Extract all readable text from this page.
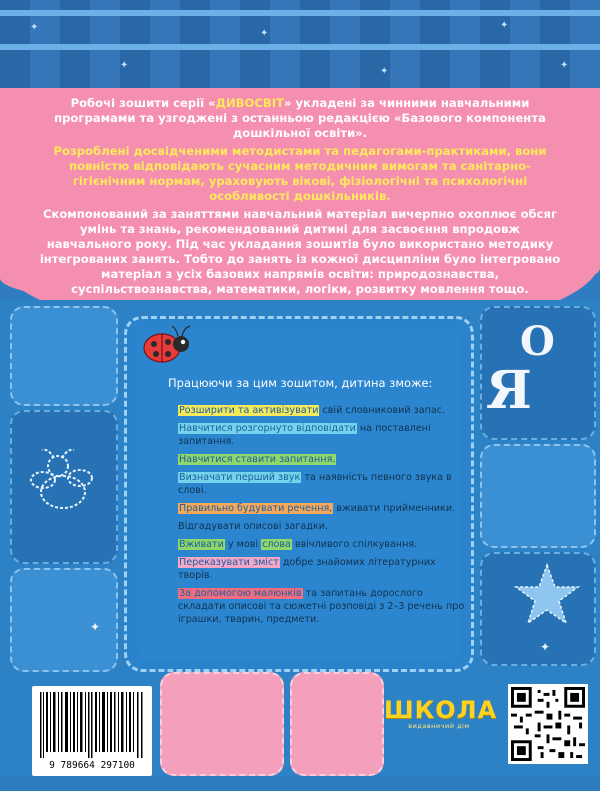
✦
✦
✦
✦
✦
✦

Робочі зошити серії «ДИВОСВІТ» укладені за чинними навчальними програмами та узгоджені з останньою редакцією «Базового компонента дошкільної освіти».

Розроблені досвідченими методистами та педагогами-практиками, вони повністю відповідають сучасним методичним вимогам та санітарно-гігієнічним нормам, ураховують вікові, фізіологічні та психологічні особливості дошкільників.

Скомпонований за заняттями навчальний матеріал вичерпно охоплює обсяг умінь та знань, рекомендований дитині для засвоєння впродовж навчального року. Під час укладання зошитів було використано методику інтегрованих занять. Тобто до занять із кожної дисципліни було інтегровано матеріал з усіх базових напрямів освіти: природознавства, суспільствознавства, математики, логіки, розвитку мовлення тощо.

О
Я
✦
✦
Працюючи за цим зошитом, дитина зможе:
Розширити та активізувати свій словниковий запас.
Навчитися розгорнуто відповідати на поставлені запитання.
Навчитися ставити запитання.
Визначати перший звук та наявність певного звука в слові.
Правильно будувати речення, вживати прийменники.
Відгадувати описові загадки.
Вживати у мові слова ввічливого спілкування.
Переказувати зміст добре знайомих літературних творів.
За допомогою малюнків та запитань дорослого складати описові та сюжетні розповіді з 2–3 речень про іграшки, тварин, предмети.
9 789664 297100
ШКОЛА
видавничий дім
